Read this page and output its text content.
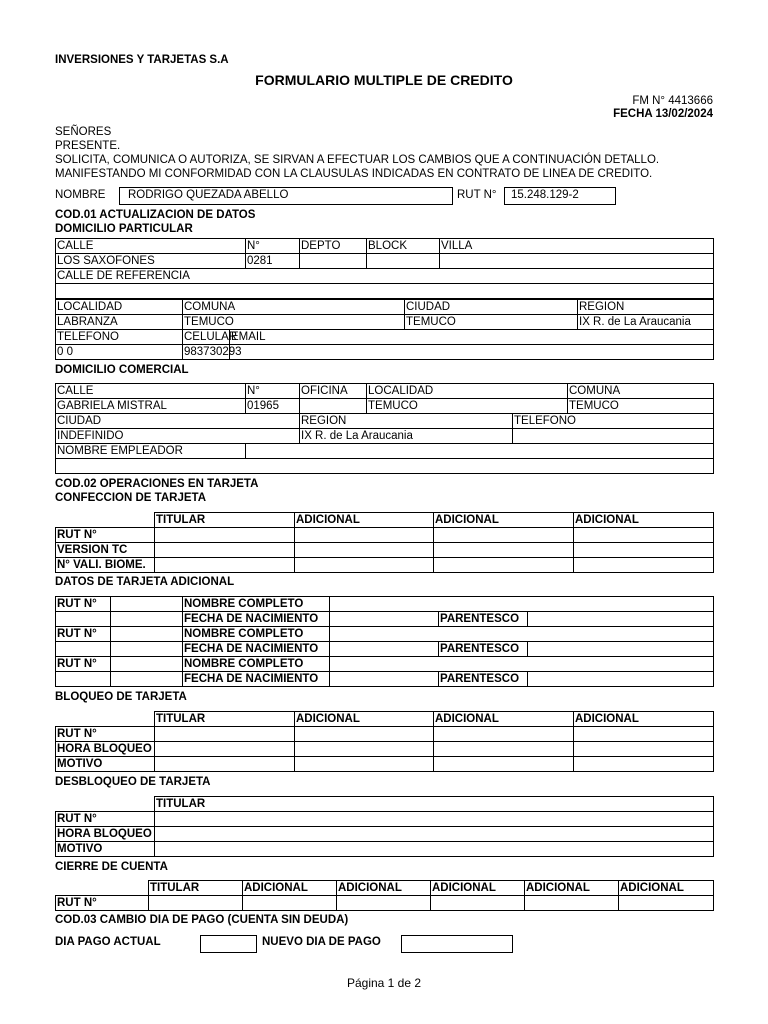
INVERSIONES Y TARJETAS S.A
FORMULARIO MULTIPLE DE CREDITO
FM N° 4413666
FECHA 13/02/2024
SEÑORES
PRESENTE.
SOLICITA, COMUNICA O AUTORIZA, SE SIRVAN A EFECTUAR LOS CAMBIOS QUE A CONTINUACIÓN DETALLO.
MANIFESTANDO MI CONFORMIDAD CON LA CLAUSULAS INDICADAS EN CONTRATO DE LINEA DE CREDITO.
NOMBRE	RODRIGO QUEZADA ABELLO	RUT N°	15.248.129-2
COD.01 ACTUALIZACION DE DATOS
DOMICILIO PARTICULAR
CALLE	N°	DEPTO	BLOCK	VILLA
LOS SAXOFONES	0281			
CALLE DE REFERENCIA				

LOCALIDAD	COMUNA		CIUDAD	REGION
LABRANZA	TEMUCO		TEMUCO	IX R. de La Araucania
TELEFONO	CELULAR	EMAIL		
0 0	983730293			
DOMICILIO COMERCIAL
CALLE	N°	OFICINA	LOCALIDAD		COMUNA
GABRIELA MISTRAL	01965		TEMUCO		TEMUCO
CIUDAD		REGION		TELEFONO	
INDEFINIDO		IX R. de La Araucania			
NOMBRE EMPLEADOR					

COD.02 OPERACIONES EN TARJETA
CONFECCION DE TARJETA
	TITULAR	ADICIONAL	ADICIONAL	ADICIONAL
RUT N°				
VERSION TC				
N° VALI. BIOME.				
DATOS DE TARJETA ADICIONAL
RUT N°		NOMBRE COMPLETO			
		FECHA DE NACIMIENTO		PARENTESCO	
RUT N°		NOMBRE COMPLETO			
		FECHA DE NACIMIENTO		PARENTESCO	
RUT N°		NOMBRE COMPLETO			
		FECHA DE NACIMIENTO		PARENTESCO	
BLOQUEO DE TARJETA
	TITULAR	ADICIONAL	ADICIONAL	ADICIONAL
RUT N°				
HORA BLOQUEO				
MOTIVO				
DESBLOQUEO DE TARJETA
	TITULAR
RUT N°	
HORA BLOQUEO	
MOTIVO	
CIERRE DE CUENTA
	TITULAR	ADICIONAL	ADICIONAL	ADICIONAL	ADICIONAL	ADICIONAL
RUT N°						
COD.03 CAMBIO DIA DE PAGO (CUENTA SIN DEUDA)
DIA PAGO ACTUAL	NUEVO DIA DE PAGO
Página 1 de 2
